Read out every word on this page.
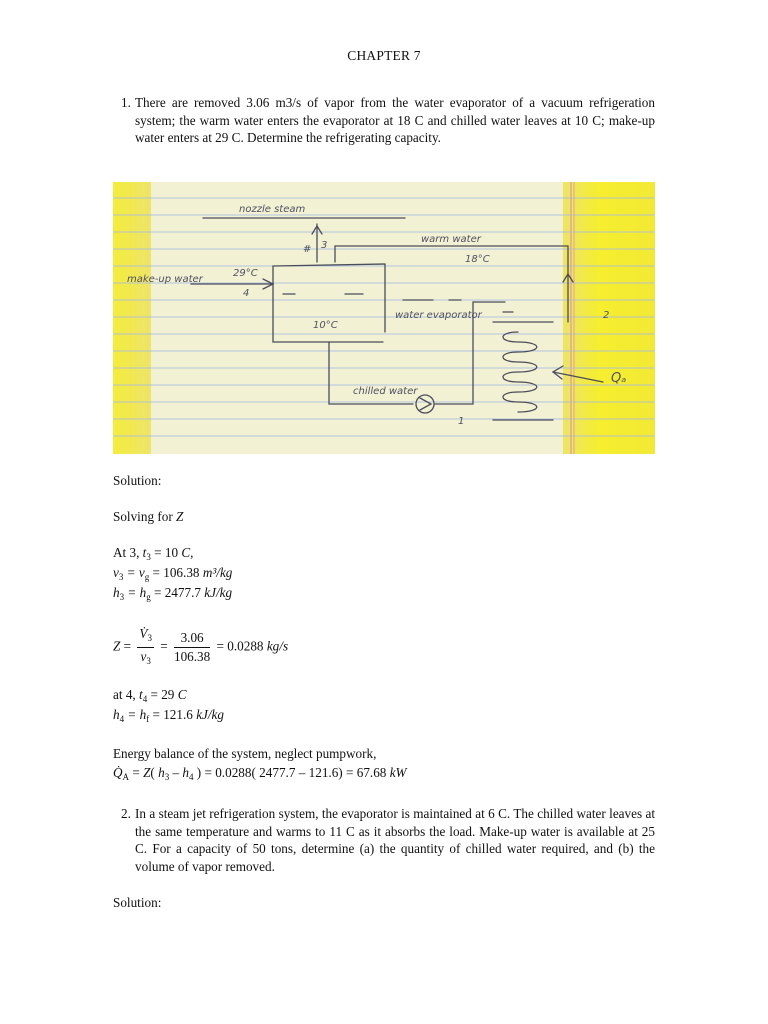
CHAPTER 7
1. There are removed 3.06 m3/s of vapor from the water evaporator of a vacuum refrigeration system; the warm water enters the evaporator at 18 C and chilled water leaves at 10 C; make-up water enters at 29 C. Determine the refrigerating capacity.
nozzle steam
3
#
warm water
18°C
make-up water
29°C
4
10°C
water evaporator	2
1
chilled water
Qₐ
Solution:
Solving for Z
At 3, $t_3 = 10$ C,
$v_3 = v_g = 106.38$ m³/kg
$h_3 = h_g = 2477.7$ kJ/kg
$Z = \frac{V̇_3}{v_3} = \frac{3.06}{106.38} = 0.0288$ kg/s
at 4, $t_4 = 29$ C
$h_4 = h_f = 121.6$ kJ/kg
Energy balance of the system, neglect pumpwork,
$Q̇_A = Z$( $h_3 - h_4$ ) = 0.0288( 2477.7 – 121.6) = 67.68 kW
2. In a steam jet refrigeration system, the evaporator is maintained at 6 C. The chilled water leaves at the same temperature and warms to 11 C as it absorbs the load. Make-up water is available at 25 C. For a capacity of 50 tons, determine (a) the quantity of chilled water required, and (b) the volume of vapor removed.
Solution:
